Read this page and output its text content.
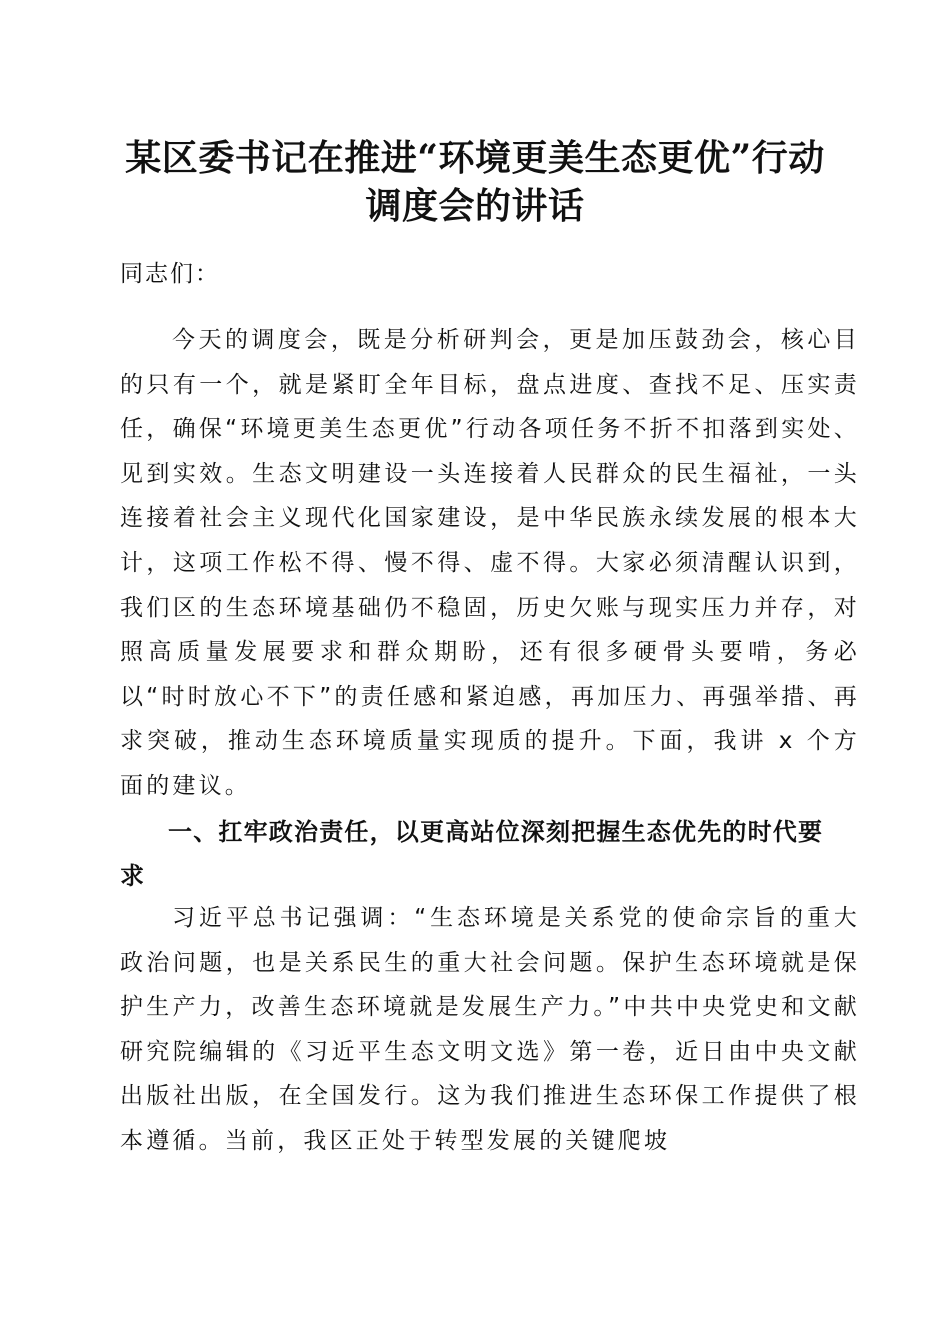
某区委书记在推进“环境更美生态更优”行动
调度会的讲话

同志们：

今天的调度会，既是分析研判会，更是加压鼓劲会，核心目的只有一个，就是紧盯全年目标，盘点进度、查找不足、压实责任，确保“环境更美生态更优”行动各项任务不折不扣落到实处、见到实效。生态文明建设一头连接着人民群众的民生福祉，一头连接着社会主义现代化国家建设，是中华民族永续发展的根本大计，这项工作松不得、慢不得、虚不得。大家必须清醒认识到，我们区的生态环境基础仍不稳固，历史欠账与现实压力并存，对照高质量发展要求和群众期盼，还有很多硬骨头要啃，务必以“时时放心不下”的责任感和紧迫感，再加压力、再强举措、再求突破，推动生态环境质量实现质的提升。下面，我讲 x 个方面的建议。

一、扛牢政治责任，以更高站位深刻把握生态优先的时代要求

习近平总书记强调：“生态环境是关系党的使命宗旨的重大政治问题，也是关系民生的重大社会问题。保护生态环境就是保护生产力，改善生态环境就是发展生产力。”中共中央党史和文献研究院编辑的《习近平生态文明文选》第一卷，近日由中央文献出版社出版，在全国发行。这为我们推进生态环保工作提供了根本遵循。当前，我区正处于转型发展的关键爬坡
